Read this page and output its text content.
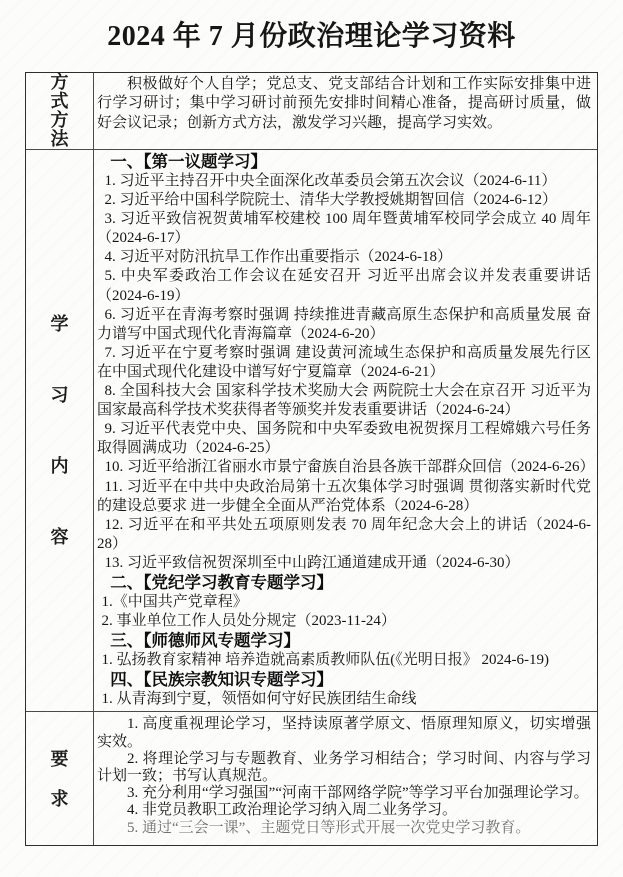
2024 年 7 月份政治理论学习资料
方式方法

积极做好个人自学；党总支、党支部结合计划和工作实际安排集中进行学习研讨；集中学习研讨前预先安排时间精心准备，提高研讨质量，做好会议记录；创新方式方法，激发学习兴趣，提高学习实效。

学习内容

一、【第一议题学习】

1. 习近平主持召开中央全面深化改革委员会第五次会议（2024-6-11）

2. 习近平给中国科学院院士、清华大学教授姚期智回信（2024-6-12）

3. 习近平致信祝贺黄埔军校建校 100 周年暨黄埔军校同学会成立 40 周年（2024-6-17）

4. 习近平对防汛抗旱工作作出重要指示（2024-6-18）

5. 中央军委政治工作会议在延安召开 习近平出席会议并发表重要讲话（2024-6-19）

6. 习近平在青海考察时强调 持续推进青藏高原生态保护和高质量发展 奋力谱写中国式现代化青海篇章（2024-6-20）

7. 习近平在宁夏考察时强调 建设黄河流域生态保护和高质量发展先行区 在中国式现代化建设中谱写好宁夏篇章（2024-6-21）

8. 全国科技大会 国家科学技术奖励大会 两院院士大会在京召开 习近平为国家最高科学技术奖获得者等颁奖并发表重要讲话（2024-6-24）

9. 习近平代表党中央、国务院和中央军委致电祝贺探月工程嫦娥六号任务取得圆满成功（2024-6-25）

10. 习近平给浙江省丽水市景宁畲族自治县各族干部群众回信（2024-6-26）

11. 习近平在中共中央政治局第十五次集体学习时强调 贯彻落实新时代党的建设总要求 进一步健全全面从严治党体系（2024-6-28）

12. 习近平在和平共处五项原则发表 70 周年纪念大会上的讲话（2024-6-28）

13. 习近平致信祝贺深圳至中山跨江通道建成开通（2024-6-30）

二、【党纪学习教育专题学习】

1.《中国共产党章程》

2. 事业单位工作人员处分规定（2023-11-24）

三、【师德师风专题学习】

1. 弘扬教育家精神 培养造就高素质教师队伍(《光明日报》 2024-6-19)

四、【民族宗教知识专题学习】

1. 从青海到宁夏，领悟如何守好民族团结生命线

要求

1. 高度重视理论学习，坚持读原著学原文、悟原理知原义，切实增强实效。

2. 将理论学习与专题教育、业务学习相结合；学习时间、内容与学习计划一致；书写认真规范。

3. 充分利用“学习强国”“河南干部网络学院”等学习平台加强理论学习。

4. 非党员教职工政治理论学习纳入周二业务学习。

5. 通过“三会一课”、主题党日等形式开展一次党史学习教育。
